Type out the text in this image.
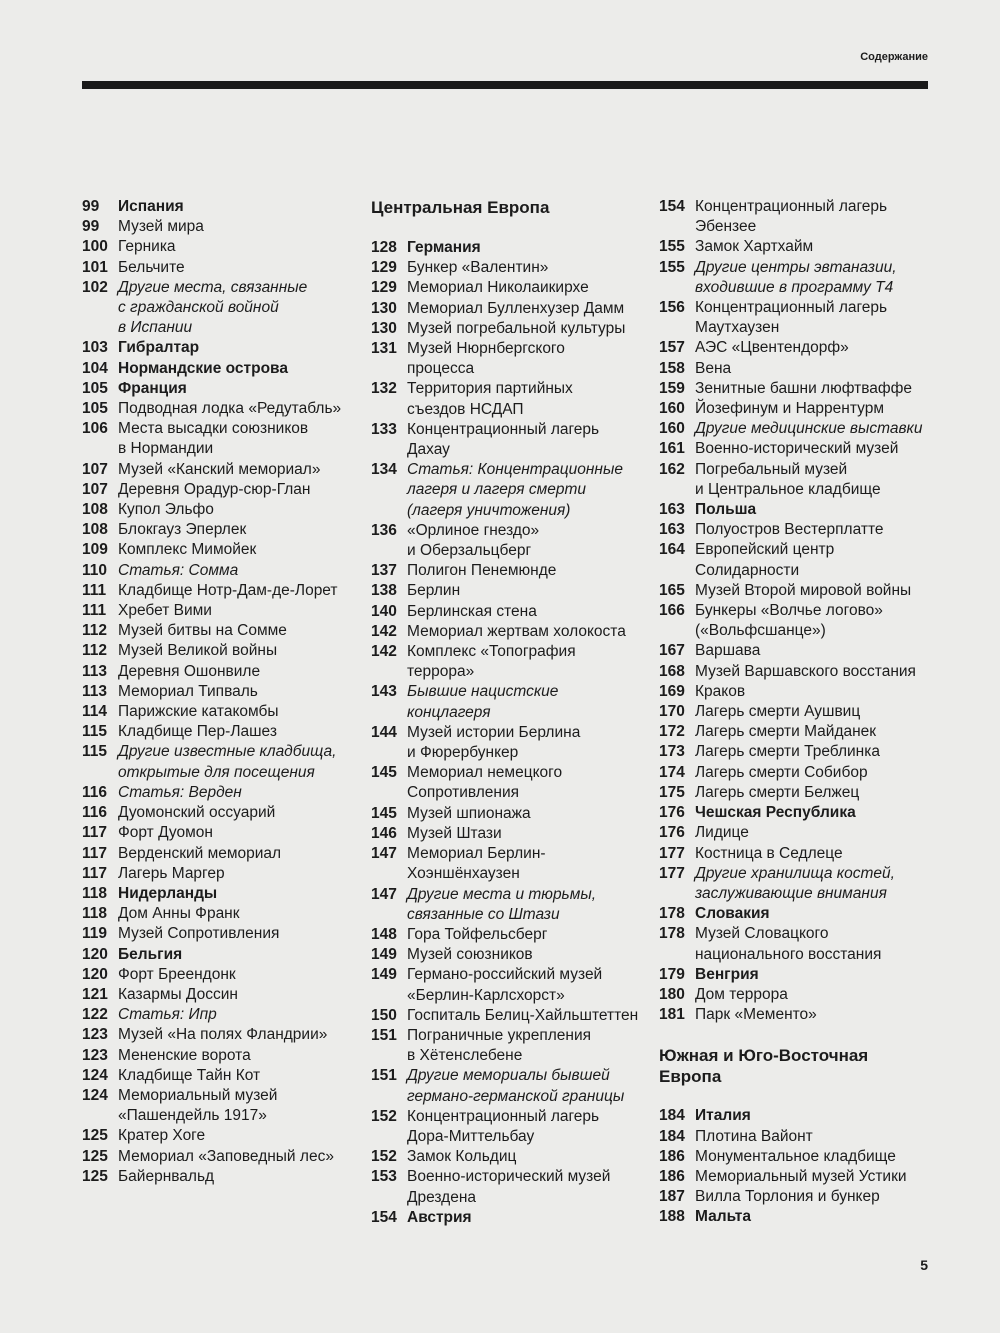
Содержание
99	Испания
99	Музей мира
100 Герника
101 Бельчите
102 Другие места, связанные
с гражданской войной
в Испании
103 Гибралтар
104 Нормандские острова
105 Франция
105 Подводная лодка «Редутабль»
106 Места высадки союзников
в Нормандии
107 Музей «Канский мемориал»
107 Деревня Орадур-сюр-Глан
108 Купол Эльфо
108 Блокгауз Эперлек
109 Комплекс Мимойек
110 Статья: Сомма
111 Кладбище Нотр-Дам-де-Лорет
111 Хребет Вими
112 Музей битвы на Сомме
112 Музей Великой войны
113 Деревня Ошонвиле
113 Мемориал Типваль
114 Парижские катакомбы
115 Кладбище Пер-Лашез
115 Другие известные кладбища,
открытые для посещения
116 Статья: Верден
116 Дуомонский оссуарий
117 Форт Дуомон
117 Верденский мемориал
117 Лагерь Маргер
118 Нидерланды
118 Дом Анны Франк
119 Музей Сопротивления
120 Бельгия
120 Форт Бреендонк
121 Казармы Доссин
122 Статья: Ипр
123 Музей «На полях Фландрии»
123 Мененские ворота
124 Кладбище Тайн Кот
124 Мемориальный музей
«Пашендейль 1917»
125 Кратер Хоге
125 Мемориал «Заповедный лес»
125 Байернвальд
Центральная Европа
128 Германия
129 Бункер «Валентин»
129 Мемориал Николаикирхе
130 Мемориал Булленхузер Дамм
130 Музей погребальной культуры
131 Музей Нюрнбергского
процесса
132 Территория партийных
съездов НСДАП
133 Концентрационный лагерь
Дахау
134 Статья: Концентрационные
лагеря и лагеря смерти
(лагеря уничтожения)
136 «Орлиное гнездо»
и Оберзальцберг
137 Полигон Пенемюнде
138 Берлин
140 Берлинская стена
142 Мемориал жертвам холокоста
142 Комплекс «Топография
террора»
143 Бывшие нацистские
концлагеря
144 Музей истории Берлина
и Фюрербункер
145 Мемориал немецкого
Сопротивления
145 Музей шпионажа
146 Музей Штази
147 Мемориал Берлин-
Хоэншёнхаузен
147 Другие места и тюрьмы,
связанные со Штази
148 Гора Тойфельсберг
149 Музей союзников
149 Германо-российский музей
«Берлин-Карлсхорст»
150 Госпиталь Белиц-Хайльштеттен
151 Пограничные укрепления
в Хётенслебене
151 Другие мемориалы бывшей
германо-германской границы
152 Концентрационный лагерь
Дора-Миттельбау
152 Замок Кольдиц
153 Военно-исторический музей
Дрездена
154 Австрия
154 Концентрационный лагерь
Эбензее
155 Замок Хартхайм
155 Другие центры эвтаназии,
входившие в программу Т4
156 Концентрационный лагерь
Маутхаузен
157 АЭС «Цвентендорф»
158 Вена
159 Зенитные башни люфтваффе
160 Йозефинум и Наррентурм
160 Другие медицинские выставки
161 Военно-исторический музей
162 Погребальный музей
и Центральное кладбище
163 Польша
163 Полуостров Вестерплатте
164 Европейский центр
Солидарности
165 Музей Второй мировой войны
166 Бункеры «Волчье логово»
(«Вольфсшанце»)
167 Варшава
168 Музей Варшавского восстания
169 Краков
170 Лагерь смерти Аушвиц
172 Лагерь смерти Майданек
173 Лагерь смерти Треблинка
174 Лагерь смерти Собибор
175 Лагерь смерти Белжец
176 Чешская Республика
176 Лидице
177 Костница в Седлеце
177 Другие хранилища костей,
заслуживающие внимания
178 Словакия
178 Музей Словацкого
национального восстания
179 Венгрия
180 Дом террора
181 Парк «Мементо»
Южная и Юго-Восточная
Европа
184 Италия
184 Плотина Вайонт
186 Монументальное кладбище
186 Мемориальный музей Устики
187 Вилла Торлония и бункер
188 Мальта
5
